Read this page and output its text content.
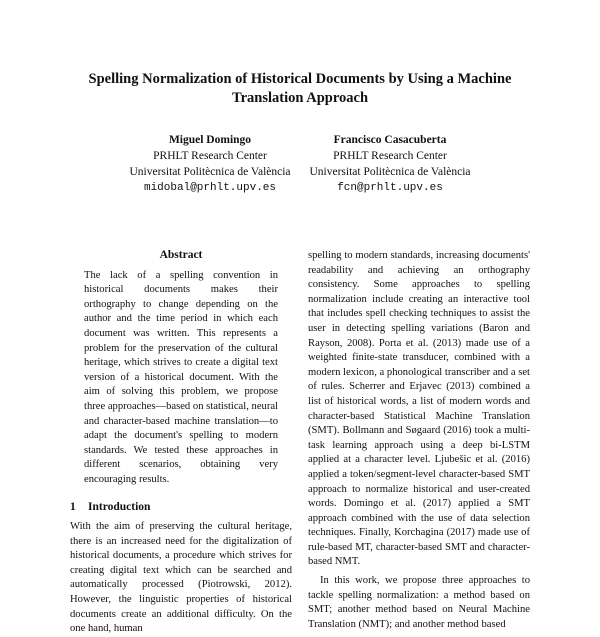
Spelling Normalization of Historical Documents by Using a Machine Translation Approach
Miguel Domingo
PRHLT Research Center
Universitat Politècnica de València
midobal@prhlt.upv.es
Francisco Casacuberta
PRHLT Research Center
Universitat Politècnica de València
fcn@prhlt.upv.es
Abstract
The lack of a spelling convention in historical documents makes their orthography to change depending on the author and the time period in which each document was written. This represents a problem for the preservation of the cultural heritage, which strives to create a digital text version of a historical document. With the aim of solving this problem, we propose three approaches—based on statistical, neural and character-based machine translation—to adapt the document's spelling to modern standards. We tested these approaches in different scenarios, obtaining very encouraging results.
1 Introduction

With the aim of preserving the cultural heritage, there is an increased need for the digitalization of historical documents, a procedure which strives for creating digital text which can be searched and automatically processed (Piotrowski, 2012). However, the linguistic properties of historical documents create an additional difficulty. On the one hand, human

spelling to modern standards, increasing documents' readability and achieving an orthography consistency. Some approaches to spelling normalization include creating an interactive tool that includes spell checking techniques to assist the user in detecting spelling variations (Baron and Rayson, 2008). Porta et al. (2013) made use of a weighted finite-state transducer, combined with a modern lexicon, a phonological transcriber and a set of rules. Scherrer and Erjavec (2013) combined a list of historical words, a list of modern words and character-based Statistical Machine Translation (SMT). Bollmann and Søgaard (2016) took a multi-task learning approach using a deep bi-LSTM applied at a character level. Ljubešic et al. (2016) applied a token/segment-level character-based SMT approach to normalize historical and user-created words. Domingo et al. (2017) applied a SMT approach combined with the use of data selection techniques. Finally, Korchagina (2017) made use of rule-based MT, character-based SMT and character-based NMT.

In this work, we propose three approaches to tackle spelling normalization: a method based on SMT; another method based on Neural Machine Translation (NMT); and another method based
